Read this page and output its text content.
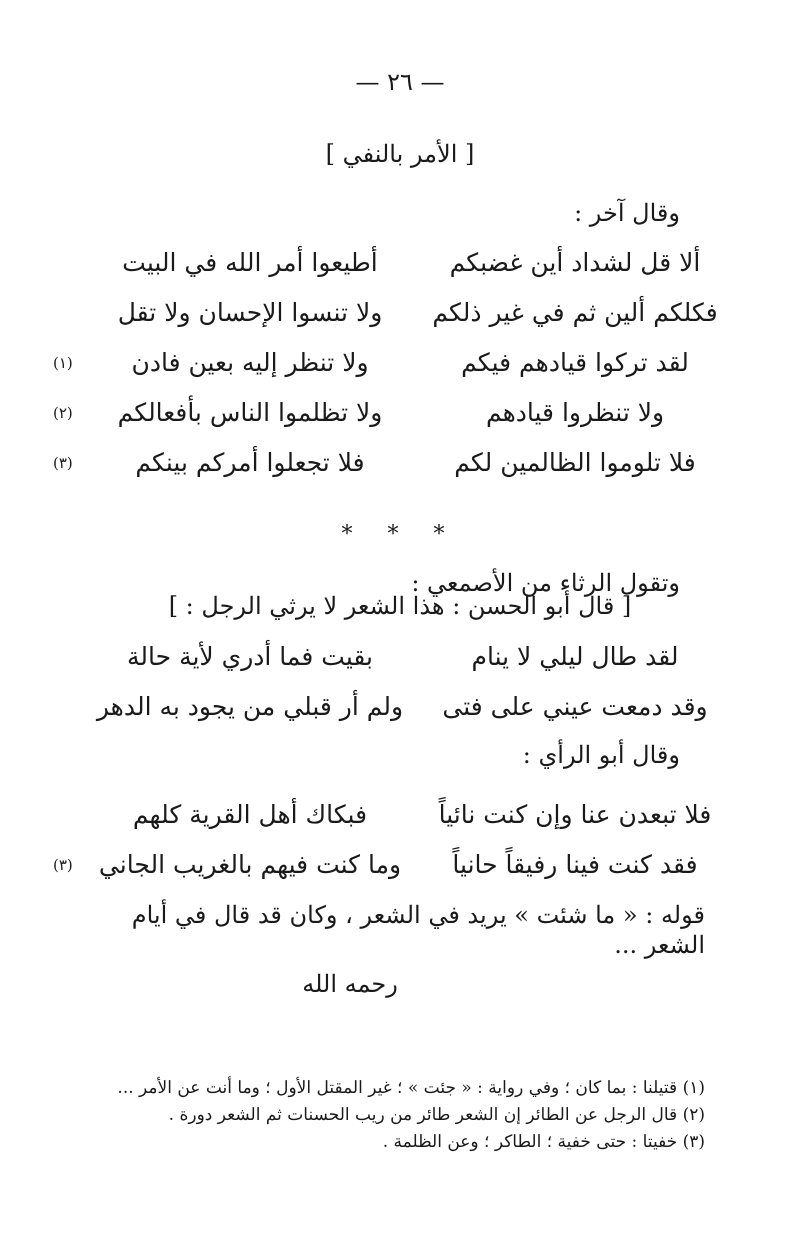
— ٢٦ —
[ الأمر بالنفي ]
وقال آخر :
ألا قل لشداد أين غضبكم
فكلكم ألين ثم في غير ذلكم
لقد تركوا قيادهم فيكم
ولا تنظروا قيادهم
فلا تلوموا الظالمين لكم
أطيعوا أمر الله في البيت
ولا تنسوا الإحسان ولا تقل
ولا تنظر إليه بعين فادن
(١)
ولا تظلموا الناس بأفعالكم
(٢)
فلا تجعلوا أمركم بينكم
(٣)
* * *
وتقول الرثاء من الأصمعي :
[ قال أبو الحسن : هذا الشعر لا يرثي الرجل : ]
لقد طال ليلي لا ينام
وقد دمعت عيني على فتى
بقيت فما أدري لأية حالة
ولم أر قبلي من يجود به الدهر
وقال أبو الرأي :
فلا تبعدن عنا وإن كنت نائياً
فقد كنت فينا رفيقاً حانياً
فبكاك أهل القرية كلهم
وما كنت فيهم بالغريب الجاني
(٣)
قوله : « ما شئت » يريد في الشعر ، وكان قد قال في أيام الشعر ...
رحمه الله
(١) قتيلنا : بما كان ؛ وفي رواية : « جئت » ؛ غير المقتل الأول ؛ وما أنت عن الأمر ...
(٢) قال الرجل عن الطائر إن الشعر طائر من ريب الحسنات ثم الشعر دورة .
(٣) خفيتا : حتى خفية ؛ الطاكر ؛ وعن الظلمة .
